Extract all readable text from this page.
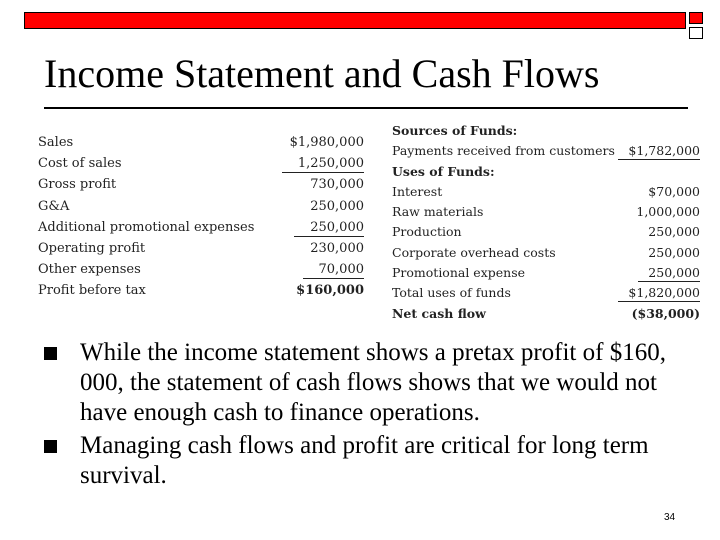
Income Statement and Cash Flows
Sales	$1,980,000
Cost of sales	1,250,000
Gross profit	730,000
G&A	250,000
Additional promotional expenses	250,000
Operating profit	230,000
Other expenses	70,000
Profit before tax	$160,000
Sources of Funds:
Payments received from customers	$1,782,000
Uses of Funds:
Interest	$70,000
Raw materials	1,000,000
Production	250,000
Corporate overhead costs	250,000
Promotional expense	250,000
Total uses of funds	$1,820,000
Net cash flow	($38,000)
While the income statement shows a pretax profit of $160, 000, the statement of cash flows shows that we would not have enough cash to finance operations.
Managing cash flows and profit are critical for long term survival.
34
